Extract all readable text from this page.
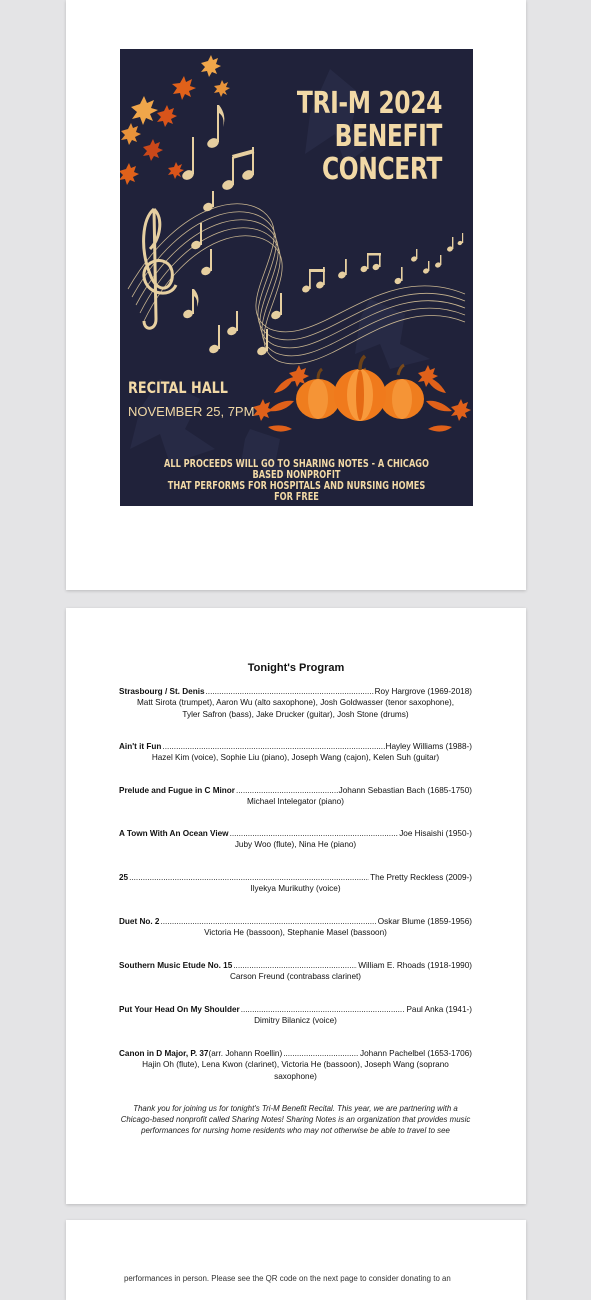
TRI-M 2024
BENEFIT
CONCERT
RECITAL HALL
NOVEMBER 25, 7PM
ALL PROCEEDS WILL GO TO SHARING NOTES - A CHICAGO BASED NONPROFIT
THAT PERFORMS FOR HOSPITALS AND NURSING HOMES FOR FREE
Tonight's Program
Strasbourg / St. Denis .....	Roy Hargrove (1969-2018)
Matt Sirota (trumpet), Aaron Wu (alto saxophone), Josh Goldwasser (tenor saxophone), Tyler Safron (bass), Jake Drucker (guitar), Josh Stone (drums)
Ain't it Fun .....	Hayley Williams (1988-)
Hazel Kim (voice), Sophie Liu (piano), Joseph Wang (cajon), Kelen Suh (guitar)
Prelude and Fugue in C Minor .....	Johann Sebastian Bach (1685-1750)
Michael Intelegator (piano)
A Town With An Ocean View .....	Joe Hisaishi (1950-)
Juby Woo (flute), Nina He (piano)
25 .....	The Pretty Reckless (2009-)
Ilyekya Murikuthy (voice)
Duet No. 2 .....	Oskar Blume (1859-1956)
Victoria He (bassoon), Stephanie Masel (bassoon)
Southern Music Etude No. 15 .....	William E. Rhoads (1918-1990)
Carson Freund (contrabass clarinet)
Put Your Head On My Shoulder .....	Paul Anka (1941-)
Dimitry Bilanicz (voice)
Canon in D Major, P. 37 (arr. Johann Roellin) .....	Johann Pachelbel (1653-1706)
Hajin Oh (flute), Lena Kwon (clarinet), Victoria He (bassoon), Joseph Wang (soprano saxophone)
Thank you for joining us for tonight's Tri-M Benefit Recital. This year, we are partnering with a Chicago-based nonprofit called Sharing Notes! Sharing Notes is an organization that provides music performances for nursing home residents who may not otherwise be able to travel to see
performances in person. Please see the QR code on the next page to consider donating to an
